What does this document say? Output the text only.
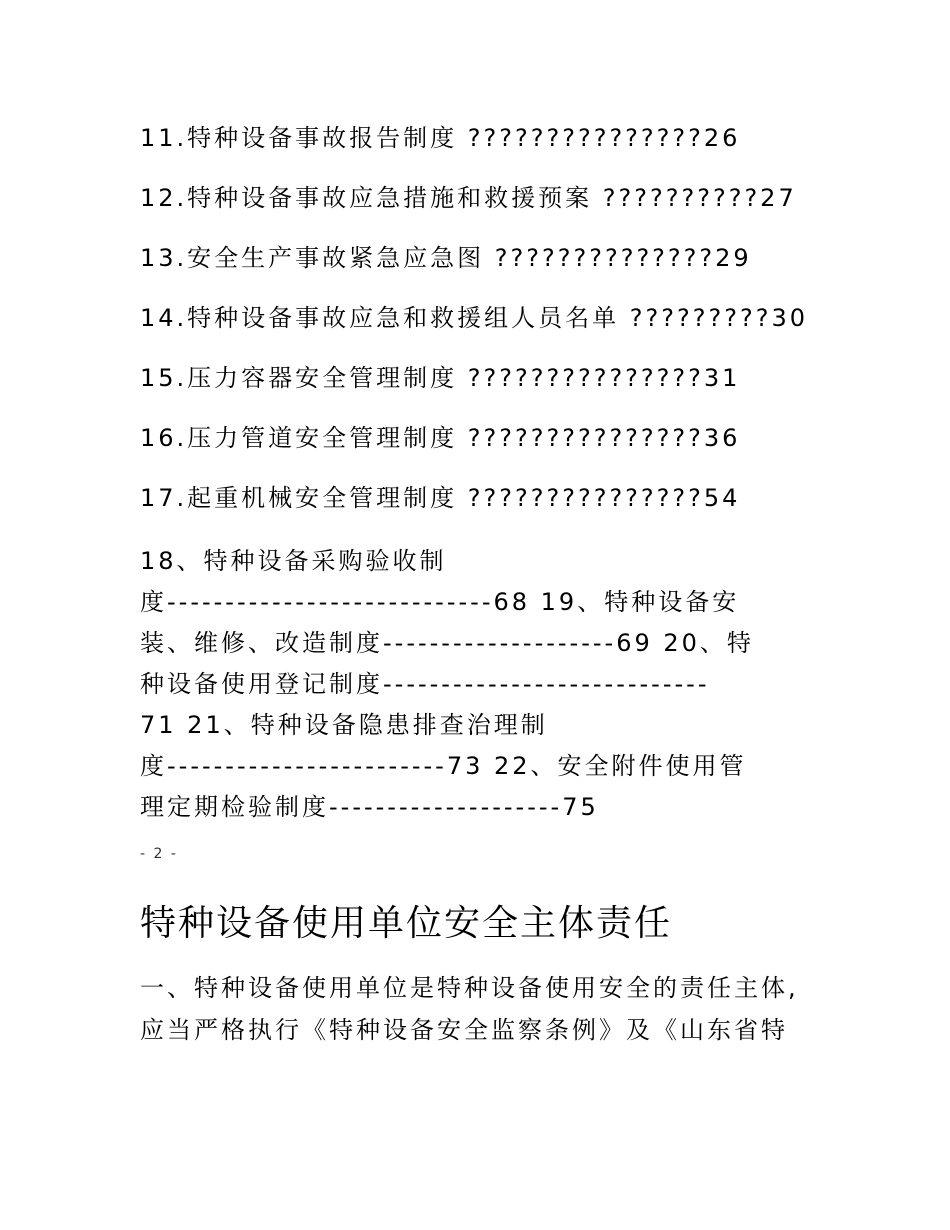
11.特种设备事故报告制度 ???????????????26
12.特种设备事故应急措施和救援预案 ??????????27
13.安全生产事故紧急应急图 ??????????????29
14.特种设备事故应急和救援组人员名单 ?????????30
15.压力容器安全管理制度 ???????????????31
16.压力管道安全管理制度 ???????????????36
17.起重机械安全管理制度 ???????????????54
18、特种设备采购验收制
度----------------------------68 19、特种设备安
装、维修、改造制度--------------------69 20、特
种设备使用登记制度----------------------------
71 21、特种设备隐患排查治理制
度------------------------73 22、安全附件使用管
理定期检验制度--------------------75
- 2 -
特种设备使用单位安全主体责任
一、特种设备使用单位是特种设备使用安全的责任主体,
应当严格执行《特种设备安全监察条例》及《山东省特
